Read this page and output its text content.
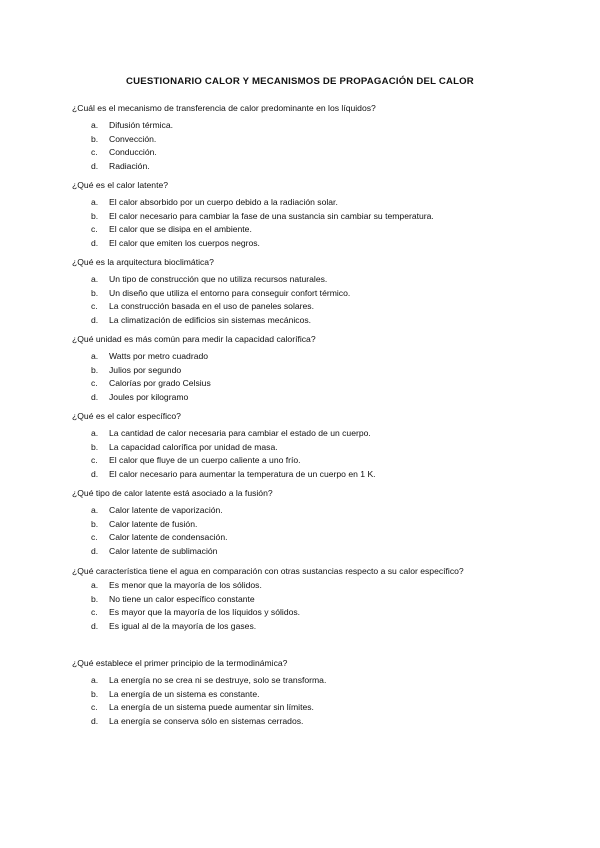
CUESTIONARIO CALOR Y MECANISMOS DE PROPAGACIÓN DEL CALOR

¿Cuál es el mecanismo de transferencia de calor predominante en los líquidos?

a.	Difusión térmica.
b.	Convección.
c.	Conducción.
d.	Radiación.

¿Qué es el calor latente?

a.	El calor absorbido por un cuerpo debido a la radiación solar.
b.	El calor necesario para cambiar la fase de una sustancia sin cambiar su temperatura.
c.	El calor que se disipa en el ambiente.
d.	El calor que emiten los cuerpos negros.

¿Qué es la arquitectura bioclimática?

a.	Un tipo de construcción que no utiliza recursos naturales.
b.	Un diseño que utiliza el entorno para conseguir confort térmico.
c.	La construcción basada en el uso de paneles solares.
d.	La climatización de edificios sin sistemas mecánicos.

¿Qué unidad es más común para medir la capacidad calorífica?

a.	Watts por metro cuadrado
b.	Julios por segundo
c.	Calorías por grado Celsius
d.	Joules por kilogramo

¿Qué es el calor específico?

a.	La cantidad de calor necesaria para cambiar el estado de un cuerpo.
b.	La capacidad calorífica por unidad de masa.
c.	El calor que fluye de un cuerpo caliente a uno frío.
d.	El calor necesario para aumentar la temperatura de un cuerpo en 1 K.

¿Qué tipo de calor latente está asociado a la fusión?

a.	Calor latente de vaporización.
b.	Calor latente de fusión.
c.	Calor latente de condensación.
d.	Calor latente de sublimación

¿Qué característica tiene el agua en comparación con otras sustancias respecto a su calor específico?

a.	Es menor que la mayoría de los sólidos.
b.	No tiene un calor específico constante
c.	Es mayor que la mayoría de los líquidos y sólidos.
d.	Es igual al de la mayoría de los gases.

¿Qué establece el primer principio de la termodinámica?

a.	La energía no se crea ni se destruye, solo se transforma.
b.	La energía de un sistema es constante.
c.	La energía de un sistema puede aumentar sin límites.
d.	La energía se conserva sólo en sistemas cerrados.
